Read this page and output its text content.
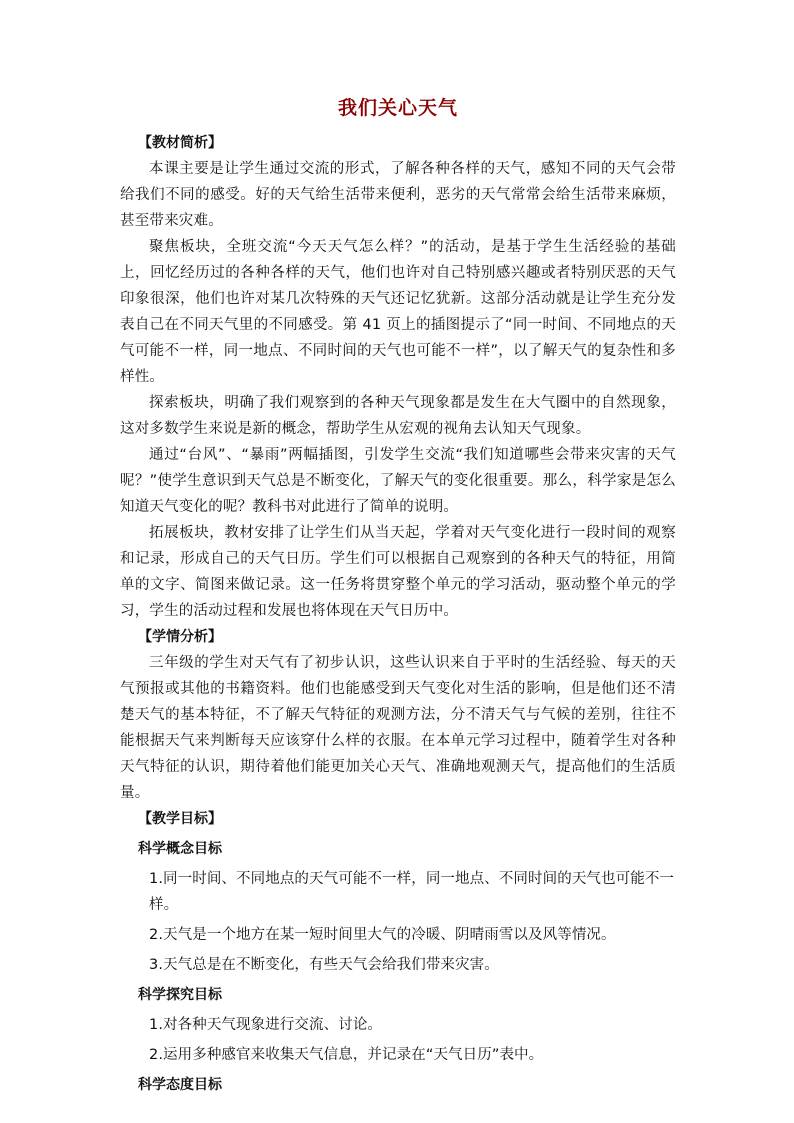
我们关心天气

【教材简析】

本课主要是让学生通过交流的形式，了解各种各样的天气，感知不同的天气会带给我们不同的感受。好的天气给生活带来便利，恶劣的天气常常会给生活带来麻烦，甚至带来灾难。

聚焦板块，全班交流“今天天气怎么样？”的活动，是基于学生生活经验的基础上，回忆经历过的各种各样的天气，他们也许对自己特别感兴趣或者特别厌恶的天气印象很深，他们也许对某几次特殊的天气还记忆犹新。这部分活动就是让学生充分发表自己在不同天气里的不同感受。第 41 页上的插图提示了“同一时间、不同地点的天气可能不一样，同一地点、不同时间的天气也可能不一样”，以了解天气的复杂性和多样性。

探索板块，明确了我们观察到的各种天气现象都是发生在大气圈中的自然现象，这对多数学生来说是新的概念，帮助学生从宏观的视角去认知天气现象。

通过“台风”、“暴雨”两幅插图，引发学生交流“我们知道哪些会带来灾害的天气呢？”使学生意识到天气总是不断变化，了解天气的变化很重要。那么，科学家是怎么知道天气变化的呢？教科书对此进行了简单的说明。

拓展板块，教材安排了让学生们从当天起，学着对天气变化进行一段时间的观察和记录，形成自己的天气日历。学生们可以根据自己观察到的各种天气的特征，用简单的文字、简图来做记录。这一任务将贯穿整个单元的学习活动，驱动整个单元的学习，学生的活动过程和发展也将体现在天气日历中。

【学情分析】

三年级的学生对天气有了初步认识，这些认识来自于平时的生活经验、每天的天气预报或其他的书籍资料。他们也能感受到天气变化对生活的影响，但是他们还不清楚天气的基本特征，不了解天气特征的观测方法，分不清天气与气候的差别，往往不能根据天气来判断每天应该穿什么样的衣服。在本单元学习过程中，随着学生对各种天气特征的认识，期待着他们能更加关心天气、准确地观测天气，提高他们的生活质量。

【教学目标】

科学概念目标

1.同一时间、不同地点的天气可能不一样，同一地点、不同时间的天气也可能不一样。

2.天气是一个地方在某一短时间里大气的冷暖、阴晴雨雪以及风等情况。

3.天气总是在不断变化，有些天气会给我们带来灾害。

科学探究目标

1.对各种天气现象进行交流、讨论。

2.运用多种感官来收集天气信息，并记录在“天气日历”表中。

科学态度目标
